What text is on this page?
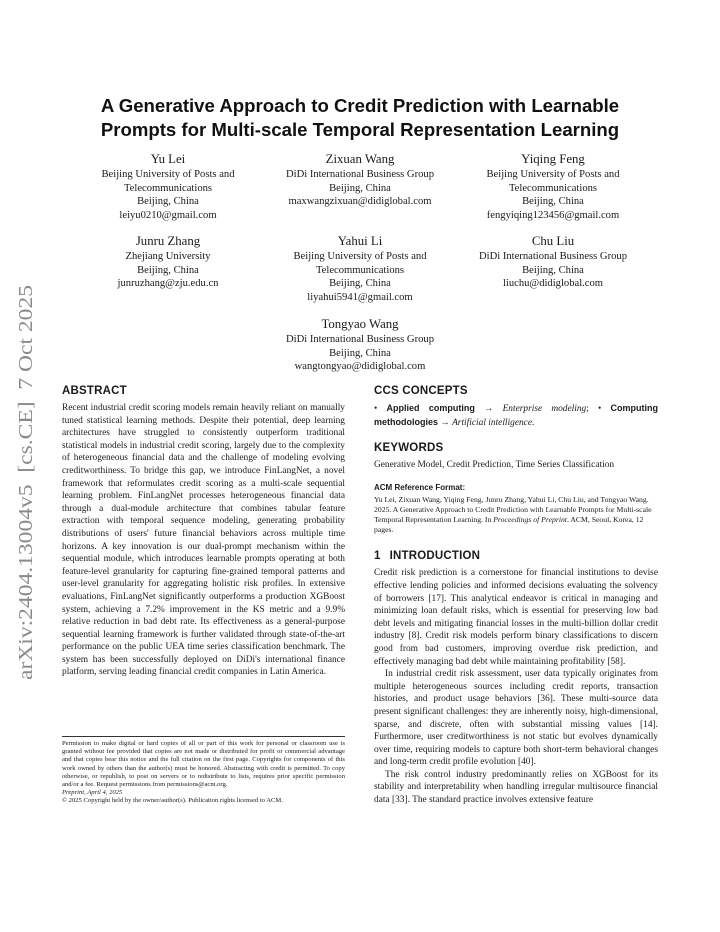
arXiv:2404.13004v5  [cs.CE]  7 Oct 2025
A Generative Approach to Credit Prediction with Learnable
Prompts for Multi-scale Temporal Representation Learning
Yu Lei
Beijing University of Posts and
Telecommunications
Beijing, China
leiyu0210@gmail.com
Zixuan Wang
DiDi International Business Group
Beijing, China
maxwangzixuan@didiglobal.com
Yiqing Feng
Beijing University of Posts and
Telecommunications
Beijing, China
fengyiqing123456@gmail.com
Junru Zhang
Zhejiang University
Beijing, China
junruzhang@zju.edu.cn
Yahui Li
Beijing University of Posts and
Telecommunications
Beijing, China
liyahui5941@gmail.com
Chu Liu
DiDi International Business Group
Beijing, China
liuchu@didiglobal.com
Tongyao Wang
DiDi International Business Group
Beijing, China
wangtongyao@didiglobal.com
ABSTRACT

Recent industrial credit scoring models remain heavily reliant on manually tuned statistical learning methods. Despite their potential, deep learning architectures have struggled to consistently outperform traditional statistical models in industrial credit scoring, largely due to the complexity of heterogeneous financial data and the challenge of modeling evolving creditworthiness. To bridge this gap, we introduce FinLangNet, a novel framework that reformulates credit scoring as a multi-scale sequential learning problem. FinLangNet processes heterogeneous financial data through a dual-module architecture that combines tabular feature extraction with temporal sequence modeling, generating probability distributions of users' future financial behaviors across multiple time horizons. A key innovation is our dual-prompt mechanism within the sequential module, which introduces learnable prompts operating at both feature-level granularity for capturing fine-grained temporal patterns and user-level granularity for aggregating holistic risk profiles. In extensive evaluations, FinLangNet significantly outperforms a production XGBoost system, achieving a 7.2% improvement in the KS metric and a 9.9% relative reduction in bad debt rate. Its effectiveness as a general-purpose sequential learning framework is further validated through state-of-the-art performance on the public UEA time series classification benchmark. The system has been successfully deployed on DiDi's international finance platform, serving leading financial credit companies in Latin America.

Permission to make digital or hard copies of all or part of this work for personal or classroom use is granted without fee provided that copies are not made or distributed for profit or commercial advantage and that copies bear this notice and the full citation on the first page. Copyrights for components of this work owned by others than the author(s) must be honored. Abstracting with credit is permitted. To copy otherwise, or republish, to post on servers or to redistribute to lists, requires prior specific permission and/or a fee. Request permissions from permissions@acm.org.

Preprint, April 4, 2025

© 2025 Copyright held by the owner/author(s). Publication rights licensed to ACM.

CCS CONCEPTS

• Applied computing → Enterprise modeling; • Computing methodologies → Artificial intelligence.

KEYWORDS

Generative Model, Credit Prediction, Time Series Classification

ACM Reference Format:

Yu Lei, Zixuan Wang, Yiqing Feng, Junru Zhang, Yahui Li, Chu Liu, and Tongyao Wang. 2025. A Generative Approach to Credit Prediction with Learnable Prompts for Multi-scale Temporal Representation Learning. In Proceedings of Preprint. ACM, Seoul, Korea, 12 pages.

1 INTRODUCTION

Credit risk prediction is a cornerstone for financial institutions to devise effective lending policies and informed decisions evaluating the solvency of borrowers [17]. This analytical endeavor is critical in managing and minimizing loan default risks, which is essential for preserving low bad debt levels and mitigating financial losses in the multi-billion dollar credit industry [8]. Credit risk models perform binary classifications to discern good from bad customers, improving overdue risk prediction, and effectively managing bad debt while maintaining profitability [58].

In industrial credit risk assessment, user data typically originates from multiple heterogeneous sources including credit reports, transaction histories, and product usage behaviors [36]. These multi-source data present significant challenges: they are inherently noisy, high-dimensional, sparse, and discrete, often with substantial missing values [14]. Furthermore, user creditworthiness is not static but evolves dynamically over time, requiring models to capture both short-term behavioral changes and long-term credit profile evolution [40].

The risk control industry predominantly relies on XGBoost for its stability and interpretability when handling irregular multisource financial data [33]. The standard practice involves extensive feature
